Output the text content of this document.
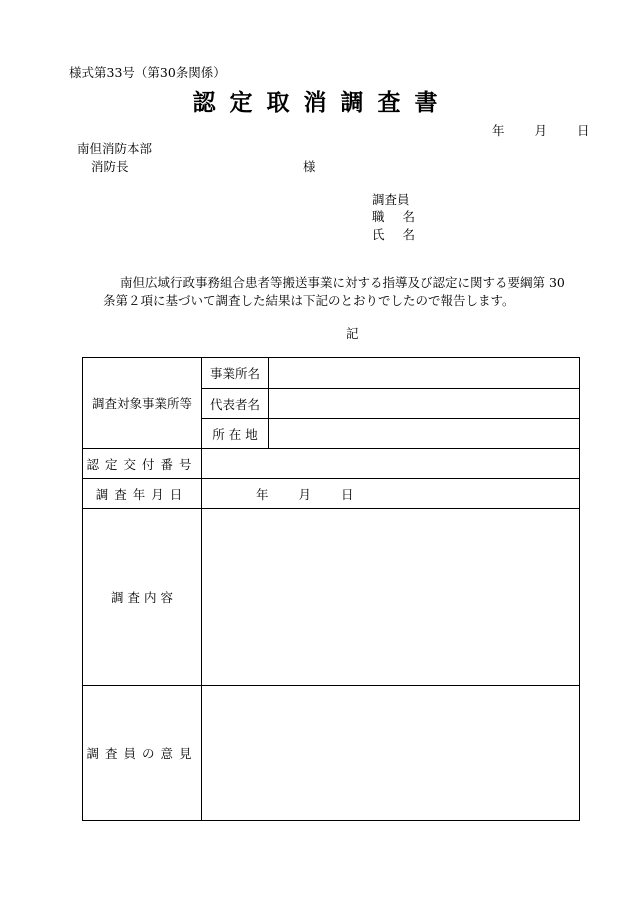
様式第33号（第30条関係）
認定取消調査書
年 月 日
南但消防本部
消防長	様
調査員
職 名
氏 名
南但広域行政事務組合患者等搬送事業に対する指導及び認定に関する要綱第 30
条第２項に基づいて調査した結果は下記のとおりでしたので報告します。
記
調査対象事業所等	事業所名	
	代表者名	
	所 在 地	
認定交付番号		
調査年月日	年 月 日	
調 査 内 容		
調査員の意見		
